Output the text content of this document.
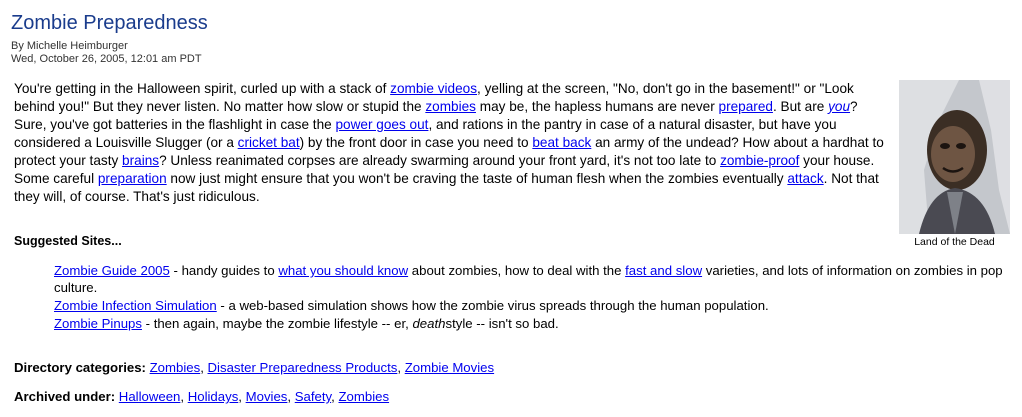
Zombie Preparedness
By Michelle Heimburger
Wed, October 26, 2005, 12:01 am PDT

You're getting in the Halloween spirit, curled up with a stack of zombie videos, yelling at the screen, "No, don't go in the basement!" or "Look behind you!" But they never listen. No matter how slow or stupid the zombies may be, the hapless humans are never prepared. But are you? Sure, you've got batteries in the flashlight in case the power goes out, and rations in the pantry in case of a natural disaster, but have you considered a Louisville Slugger (or a cricket bat) by the front door in case you need to beat back an army of the undead? How about a hardhat to protect your tasty brains? Unless reanimated corpses are already swarming around your front yard, it's not too late to zombie-proof your house. Some careful preparation now just might ensure that you won't be craving the taste of human flesh when the zombies eventually attack. Not that they will, of course. That's just ridiculous.

Land of the Dead
Suggested Sites...
Zombie Guide 2005 - handy guides to what you should know about zombies, how to deal with the fast and slow varieties, and lots of information on zombies in pop culture.
Zombie Infection Simulation - a web-based simulation shows how the zombie virus spreads through the human population.
Zombie Pinups - then again, maybe the zombie lifestyle -- er, deathstyle -- isn't so bad.
Directory categories: Zombies, Disaster Preparedness Products, Zombie Movies
Archived under: Halloween, Holidays, Movies, Safety, Zombies
